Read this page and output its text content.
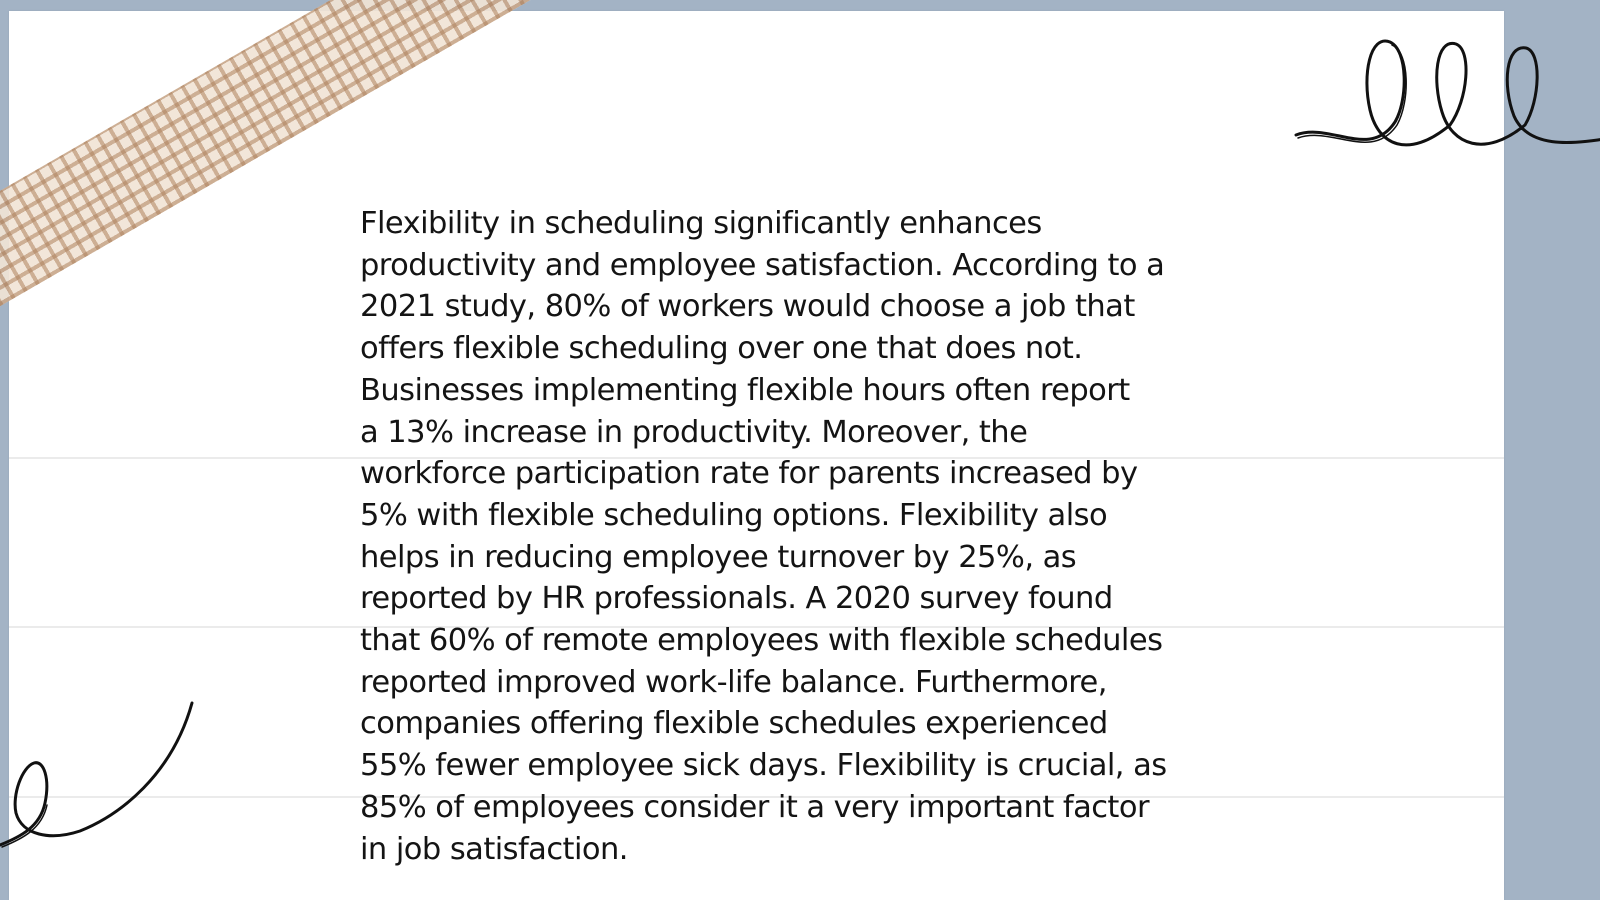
Flexibility in scheduling significantly enhances
productivity and employee satisfaction. According to a
2021 study, 80% of workers would choose a job that
offers flexible scheduling over one that does not.
Businesses implementing flexible hours often report
a 13% increase in productivity. Moreover, the
workforce participation rate for parents increased by
5% with flexible scheduling options. Flexibility also
helps in reducing employee turnover by 25%, as
reported by HR professionals. A 2020 survey found
that 60% of remote employees with flexible schedules
reported improved work-life balance. Furthermore,
companies offering flexible schedules experienced
55% fewer employee sick days. Flexibility is crucial, as
85% of employees consider it a very important factor
in job satisfaction.
